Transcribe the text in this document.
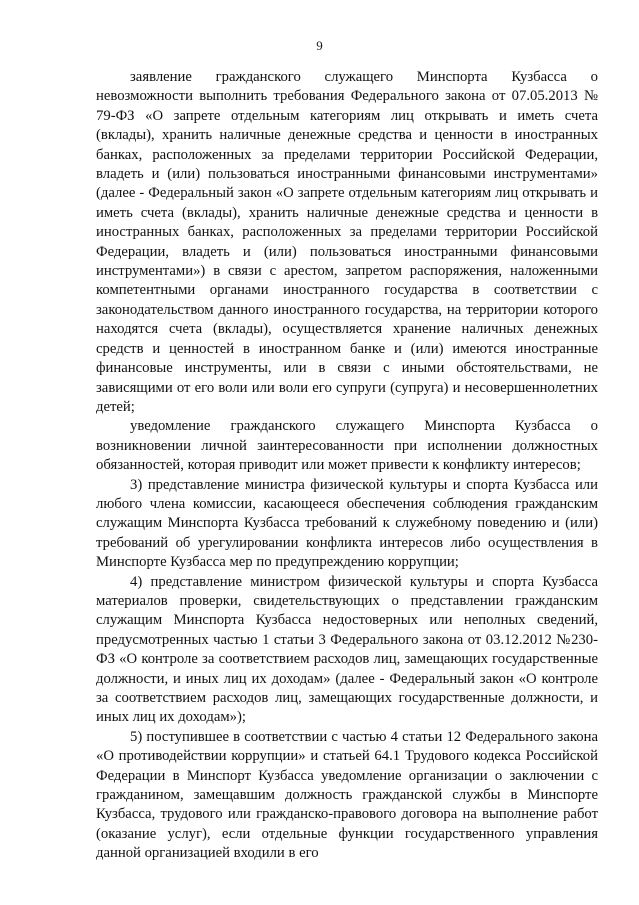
9

заявление гражданского служащего Минспорта Кузбасса о невозможности выполнить требования Федерального закона от 07.05.2013 № 79-ФЗ «О запрете отдельным категориям лиц открывать и иметь счета (вклады), хранить наличные денежные средства и ценности в иностранных банках, расположенных за пределами территории Российской Федерации, владеть и (или) пользоваться иностранными финансовыми инструментами» (далее - Федеральный закон «О запрете отдельным категориям лиц открывать и иметь счета (вклады), хранить наличные денежные средства и ценности в иностранных банках, расположенных за пределами территории Российской Федерации, владеть и (или) пользоваться иностранными финансовыми инструментами») в связи с арестом, запретом распоряжения, наложенными компетентными органами иностранного государства в соответствии с законодательством данного иностранного государства, на территории которого находятся счета (вклады), осуществляется хранение наличных денежных средств и ценностей в иностранном банке и (или) имеются иностранные финансовые инструменты, или в связи с иными обстоятельствами, не зависящими от его воли или воли его супруги (супруга) и несовершеннолетних детей;

уведомление гражданского служащего Минспорта Кузбасса о возникновении личной заинтересованности при исполнении должностных обязанностей, которая приводит или может привести к конфликту интересов;

3) представление министра физической культуры и спорта Кузбасса или любого члена комиссии, касающееся обеспечения соблюдения гражданским служащим Минспорта Кузбасса требований к служебному поведению и (или) требований об урегулировании конфликта интересов либо осуществления в Минспорте Кузбасса мер по предупреждению коррупции;

4) представление министром физической культуры и спорта Кузбасса материалов проверки, свидетельствующих о представлении гражданским служащим Минспорта Кузбасса недостоверных или неполных сведений, предусмотренных частью 1 статьи 3 Федерального закона от 03.12.2012 №230-ФЗ «О контроле за соответствием расходов лиц, замещающих государственные должности, и иных лиц их доходам» (далее - Федеральный закон «О контроле за соответствием расходов лиц, замещающих государственные должности, и иных лиц их доходам»);

5) поступившее в соответствии с частью 4 статьи 12 Федерального закона «О противодействии коррупции» и статьей 64.1 Трудового кодекса Российской Федерации в Минспорт Кузбасса уведомление организации о заключении с гражданином, замещавшим должность гражданской службы в Минспорте Кузбасса, трудового или гражданско-правового договора на выполнение работ (оказание услуг), если отдельные функции государственного управления данной организацией входили в его
